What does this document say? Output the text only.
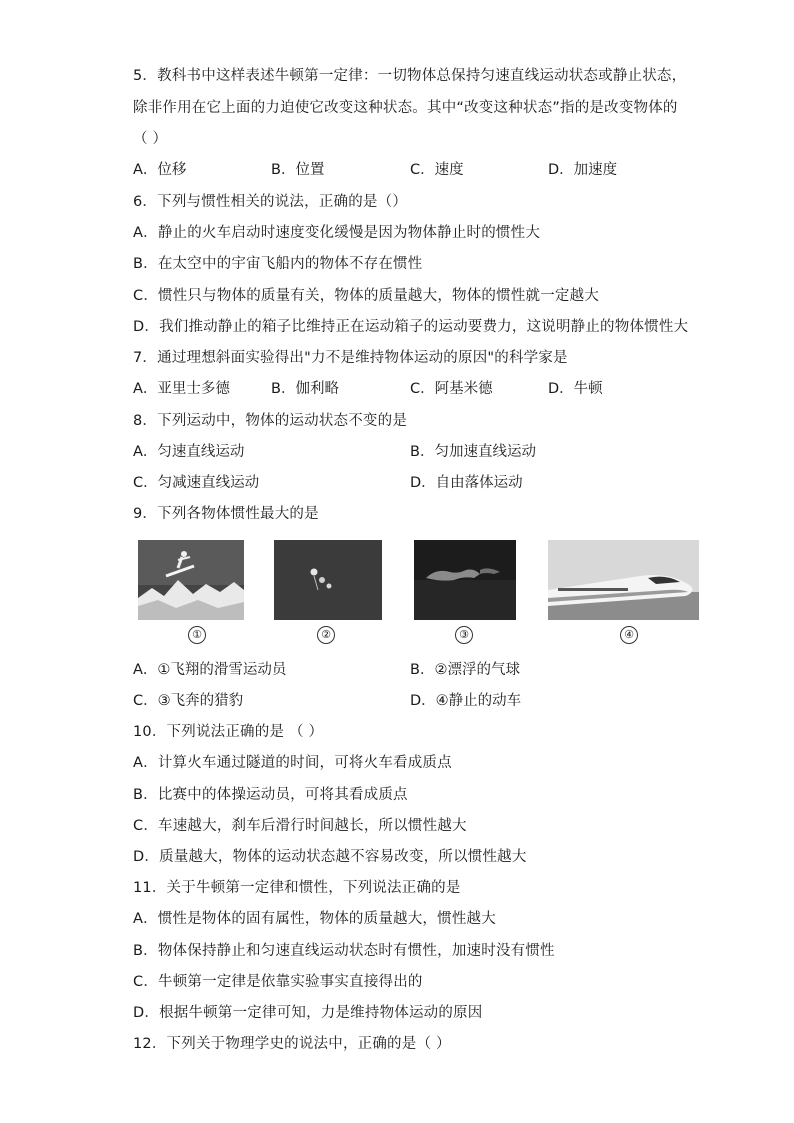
5．教科书中这样表述牛顿第一定律：一切物体总保持匀速直线运动状态或静止状态，
除非作用在它上面的力迫使它改变这种状态。其中“改变这种状态”指的是改变物体的
（ ）
A．位移	B．位置	C．速度	D．加速度
6．下列与惯性相关的说法，正确的是（）
A．静止的火车启动时速度变化缓慢是因为物体静止时的惯性大
B．在太空中的宇宙飞船内的物体不存在惯性
C．惯性只与物体的质量有关，物体的质量越大，物体的惯性就一定越大
D．我们推动静止的箱子比维持正在运动箱子的运动要费力，这说明静止的物体惯性大
7．通过理想斜面实验得出"力不是维持物体运动的原因"的科学家是
A．亚里士多德	B．伽利略	C．阿基米德	D．牛顿
8．下列运动中，物体的运动状态不变的是
A．匀速直线运动	B．匀加速直线运动
C．匀减速直线运动	D．自由落体运动
9．下列各物体惯性最大的是
①	②	③	④
A．①飞翔的滑雪运动员	B．②漂浮的气球
C．③飞奔的猎豹	D．④静止的动车
10．下列说法正确的是 （ ）
A．计算火车通过隧道的时间，可将火车看成质点
B．比赛中的体操运动员，可将其看成质点
C．车速越大，刹车后滑行时间越长，所以惯性越大
D．质量越大，物体的运动状态越不容易改变，所以惯性越大
11．关于牛顿第一定律和惯性，下列说法正确的是
A．惯性是物体的固有属性，物体的质量越大，惯性越大
B．物体保持静止和匀速直线运动状态时有惯性，加速时没有惯性
C．牛顿第一定律是依靠实验事实直接得出的
D．根据牛顿第一定律可知，力是维持物体运动的原因
12．下列关于物理学史的说法中，正确的是（ ）
